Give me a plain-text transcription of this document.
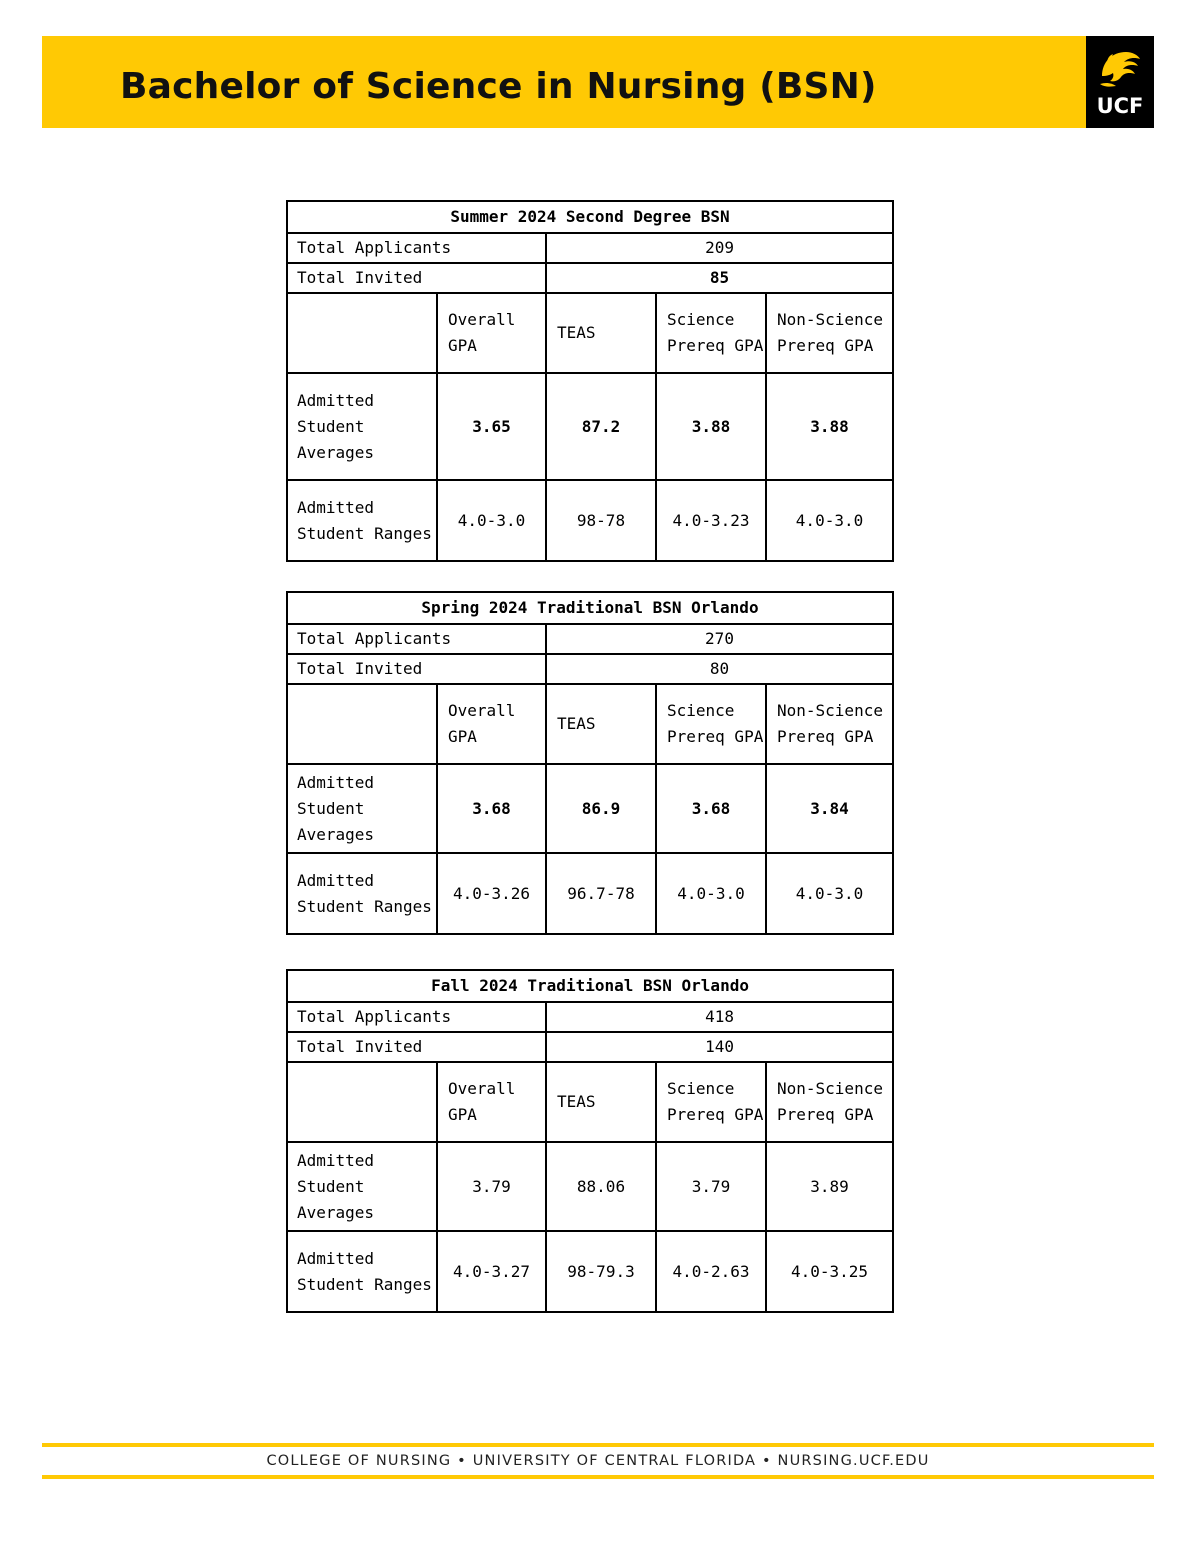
Bachelor of Science in Nursing (BSN)	UCF
Summer 2024 Second Degree BSN				
Total Applicants		209		
Total Invited		85		
	Overall GPA	TEAS	Science Prereq GPA	Non-Science Prereq GPA
Admitted Student Averages	3.65	87.2	3.88	3.88
Admitted Student Ranges	4.0-3.0	98-78	4.0-3.23	4.0-3.0
Spring 2024 Traditional BSN Orlando				
Total Applicants		270		
Total Invited		80		
	Overall GPA	TEAS	Science Prereq GPA	Non-Science Prereq GPA
Admitted Student Averages	3.68	86.9	3.68	3.84
Admitted Student Ranges	4.0-3.26	96.7-78	4.0-3.0	4.0-3.0
Fall 2024 Traditional BSN Orlando				
Total Applicants		418		
Total Invited		140		
	Overall GPA	TEAS	Science Prereq GPA	Non-Science Prereq GPA
Admitted Student Averages	3.79	88.06	3.79	3.89
Admitted Student Ranges	4.0-3.27	98-79.3	4.0-2.63	4.0-3.25
COLLEGE OF NURSING • UNIVERSITY OF CENTRAL FLORIDA • NURSING.UCF.EDU
